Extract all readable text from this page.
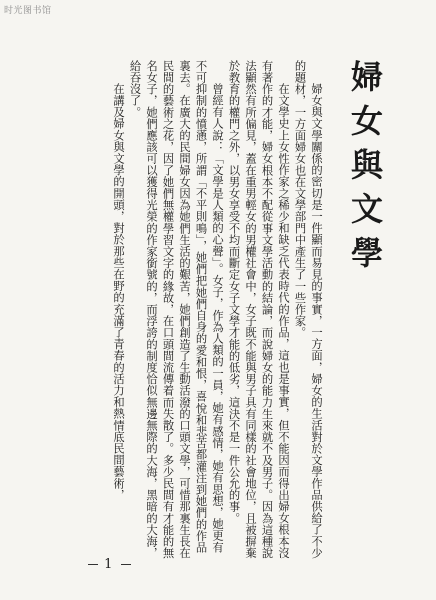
时光图书馆
婦女與文學

婦女與文學關係的密切是一件顯而易見的事實，一方面，婦女的生活對於文學作品供給了不少的題材，一方面婦女也在文學部門中產生了一些作家。

在文學史上女性作家之稀少和缺乏代表時代的作品，這也是事實，但不能因而得出婦女根本沒有著作的才能，婦女根本不配從事文學活動的結論，而說婦女的能力生來就不及男子。因為這種說法顯然有所偏見，蓋在重男輕女的男權社會中，女子既不能與男子具有同樣的社會地位，且被摒棄於教育的權門之外，以男女享受不均而斷定女子文學才能的低劣，這決不是一件公允的事。

曾經有人說：「文學是人類的心聲」。女子，作為人類的一員，她有感情，她有思想，她更有不可抑制的憤懣，所謂「不平則鳴」，她們把她們自身的愛和恨，喜悅和悲苦都灌注到她們的作品裏去。在廣大的民間婦女因為她們生活的艱苦，她們創造了生動活潑的口頭文學，可惜那裏生長在民間的藝術之花，因了她們無權學習文字的緣故，在口頭間流傳着而失散了。多少民間有才能的無名女子，她們應該可以獲得光榮的作家銜號的，而浮誇的制度恰似無邊無際的大海，黑暗的大海，給吞沒了。

在講及婦女與文學的開頭，對於那些在野的充滿了青春的活力和熱情底民間藝術，

1
